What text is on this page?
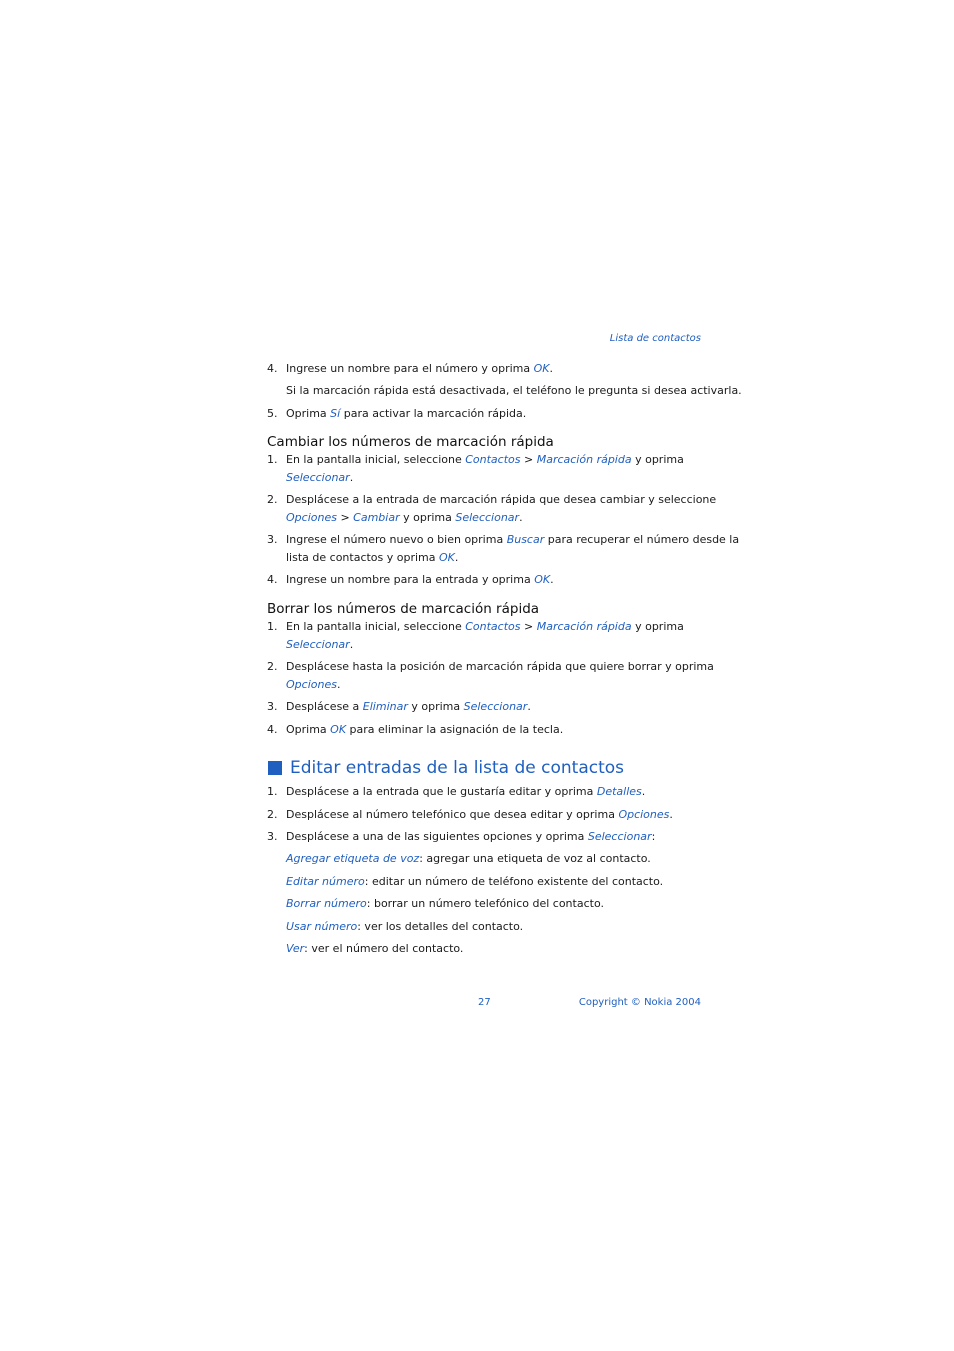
Lista de contactos
4. Ingrese un nombre para el número y oprima OK.
Si la marcación rápida está desactivada, el teléfono le pregunta si desea activarla.
5. Oprima Sí para activar la marcación rápida.
1. En la pantalla inicial, seleccione Contactos > Marcación rápida y oprima
Seleccionar.
2. Desplácese a la entrada de marcación rápida que desea cambiar y seleccione
Opciones > Cambiar y oprima Seleccionar.
3. Ingrese el número nuevo o bien oprima Buscar para recuperar el número desde la
lista de contactos y oprima OK.
4. Ingrese un nombre para la entrada y oprima OK.
1. En la pantalla inicial, seleccione Contactos > Marcación rápida y oprima
Seleccionar.
2. Desplácese hasta la posición de marcación rápida que quiere borrar y oprima
Opciones.
3. Desplácese a Eliminar y oprima Seleccionar.
4. Oprima OK para eliminar la asignación de la tecla.
1. Desplácese a la entrada que le gustaría editar y oprima Detalles.
2. Desplácese al número telefónico que desea editar y oprima Opciones.
3. Desplácese a una de las siguientes opciones y oprima Seleccionar:
Agregar etiqueta de voz: agregar una etiqueta de voz al contacto.
Editar número: editar un número de teléfono existente del contacto.
Borrar número: borrar un número telefónico del contacto.
Usar número: ver los detalles del contacto.
Ver: ver el número del contacto.
Cambiar los números de marcación rápida
Borrar los números de marcación rápida
Editar entradas de la lista de contactos
27	Copyright © Nokia 2004
